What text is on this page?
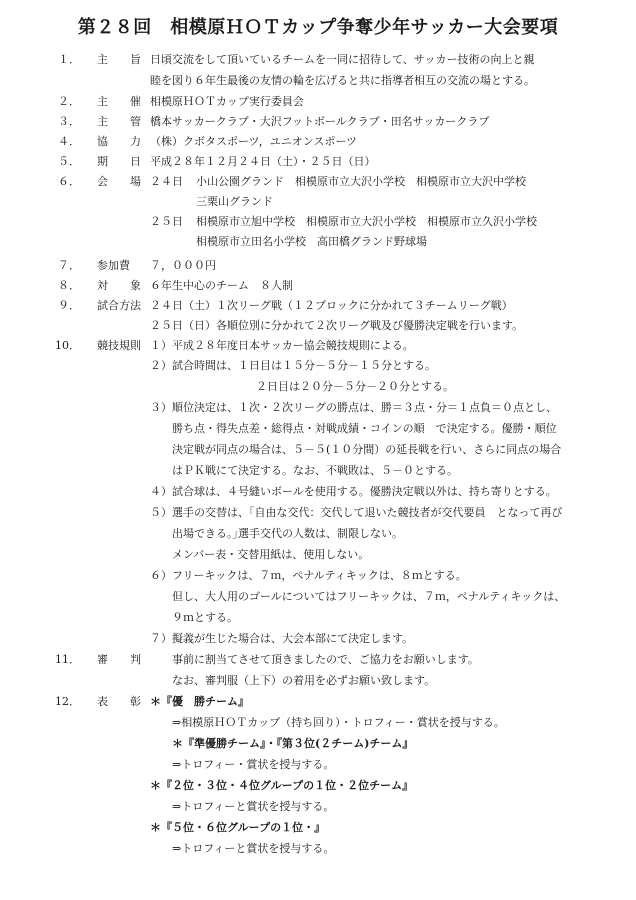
第２８回　相模原ＨＯＴカップ争奪少年サッカー大会要項
１． 主　　旨 日頃交流をして頂いているチームを一同に招待して、サッカー技術の向上と親
睦を図り６年生最後の友情の輪を広げると共に指導者相互の交流の場とする。
２． 主　　催 相模原ＨＯＴカップ実行委員会
３． 主　　管 橋本サッカークラブ・大沢フットボールクラブ・田名サッカークラブ
４． 協　　力 （株）クボタスポーツ，ユニオンスポーツ
５． 期　　日 平成２８年１２月２４日（土）・２５日（日）
６． 会　　場 ２４日 小山公園グランド　相模原市立大沢小学校　相模原市立大沢中学校
三栗山グランド
２５日 相模原市立旭中学校　相模原市立大沢小学校　相模原市立久沢小学校
相模原市立田名小学校　高田橋グランド野球場
７． 参加費 ７，０００円
８． 対　　象 ６年生中心のチーム　８人制
９． 試合方法 ２４日（土）１次リーグ戦（１２ブロックに分かれて３チームリーグ戦）
２５日（日）各順位別に分かれて２次リーグ戦及び優勝決定戦を行います。
10． 競技規則 １）平成２８年度日本サッカー協会競技規則による。
２）試合時間は、１日目は１５分－５分－１５分とする。
２日目は２０分－５分－２０分とする。
３）順位決定は、１次・２次リーグの勝点は、勝＝３点・分＝１点負＝０点とし、
勝ち点・得失点差・総得点・対戦成績・コインの順　で決定する。優勝・順位
決定戦が同点の場合は、５－５(１０分間）の延長戦を行い、さらに同点の場合
はＰＫ戦にて決定する。なお、不戦敗は、５－０とする。
４）試合球は、４号縫いボールを使用する。優勝決定戦以外は、持ち寄りとする。
５）選手の交替は、｢自由な交代：交代して退いた競技者が交代要員　となって再び
出場できる。｣選手交代の人数は、制限しない。
メンバー表・交替用紙は、使用しない。
６）フリーキックは、７ｍ，ペナルティキックは、８ｍとする。
但し、大人用のゴールについてはフリーキックは、７ｍ，ペナルティキックは、
９ｍとする。
７）擬義が生じた場合は、大会本部にて決定します。
11． 審　　判	事前に割当てさせて頂きましたので、ご協力をお願いします。
なお、審判服（上下）の着用を必ずお願い致します。
12． 表　　彰 ＊『優　勝チーム』
⇒相模原ＨＯＴカップ（持ち回り）・トロフィー・賞状を授与する。
＊『準優勝チーム』・『第３位(２チーム)チーム』
⇒トロフィー・賞状を授与する。
＊『２位・３位・４位グループの１位・２位チーム』
⇒トロフィーと賞状を授与する。
＊『５位・６位グループの１位・』
⇒トロフィーと賞状を授与する。
